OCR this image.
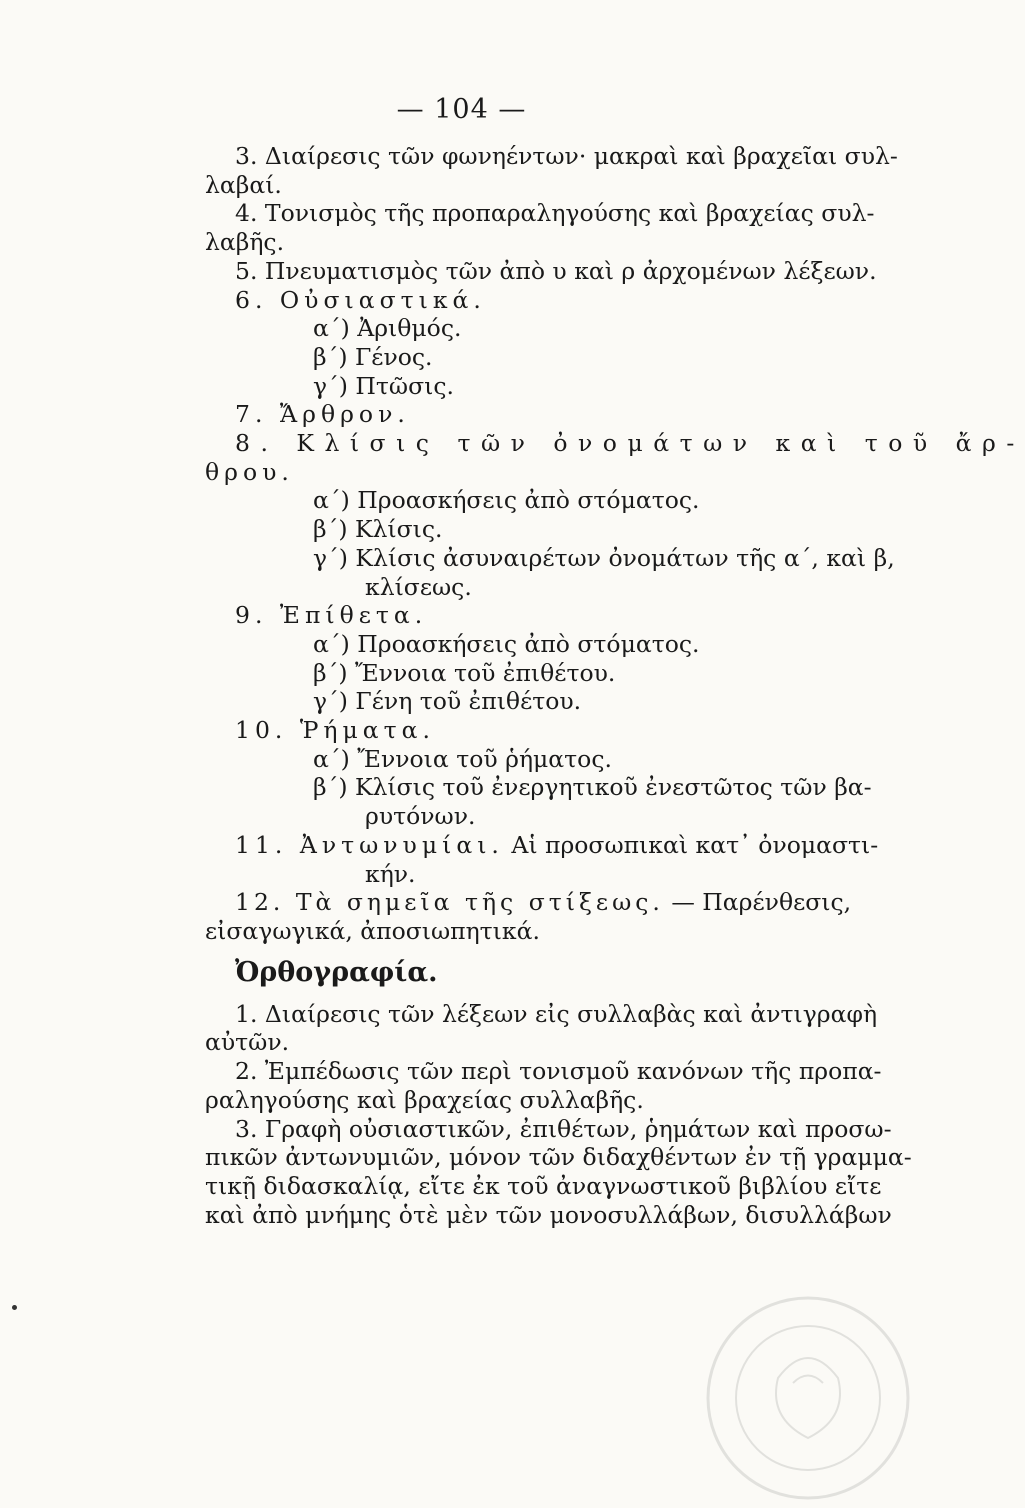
— 104 —
3. Διαίρεσις τῶν φωνηέντων· μακραὶ καὶ βραχεῖαι συλ-
λαβαί.
4. Τονισμὸς τῆς προπαραληγούσης καὶ βραχείας συλ-
λαβῆς.
5. Πνευματισμὸς τῶν ἀπὸ υ καὶ ρ ἀρχομένων λέξεων.
6. Οὐσιαστικά.
α΄) Ἀριθμός.
β΄) Γένος.
γ΄) Πτῶσις.
7. Ἄρθρον.
8. Κλίσις τῶν ὀνομάτων καὶ τοῦ ἄρ-
θρου.
α΄) Προασκήσεις ἀπὸ στόματος.
β΄) Κλίσις.
γ΄) Κλίσις ἀσυναιρέτων ὀνομάτων τῆς α΄, καὶ β,
κλίσεως.
9. Ἐπίθετα.
α΄) Προασκήσεις ἀπὸ στόματος.
β΄) Ἔννοια τοῦ ἐπιθέτου.
γ΄) Γένη τοῦ ἐπιθέτου.
10. Ῥήματα.
α΄) Ἔννοια τοῦ ῥήματος.
β΄) Κλίσις τοῦ ἐνεργητικοῦ ἐνεστῶτος τῶν βα-
ρυτόνων.
11. Ἀντωνυμίαι. Αἱ προσωπικαὶ κατ᾽ ὀνομαστι-
κήν.
12. Τὰ σημεῖα τῆς στίξεως. — Παρένθεσις,
εἰσαγωγικά, ἀποσιωπητικά.
Ὀρθογραφία.
1. Διαίρεσις τῶν λέξεων εἰς συλλαβὰς καὶ ἀντιγραφὴ
αὐτῶν.
2. Ἐμπέδωσις τῶν περὶ τονισμοῦ κανόνων τῆς προπα-
ραληγούσης καὶ βραχείας συλλαβῆς.
3. Γραφὴ οὐσιαστικῶν, ἐπιθέτων, ῥημάτων καὶ προσω-
πικῶν ἀντωνυμιῶν, μόνον τῶν διδαχθέντων ἐν τῇ γραμμα-
τικῇ διδασκαλίᾳ, εἴτε ἐκ τοῦ ἀναγνωστικοῦ βιβλίου εἴτε
καὶ ἀπὸ μνήμης ὁτὲ μὲν τῶν μονοσυλλάβων, δισυλλάβων
